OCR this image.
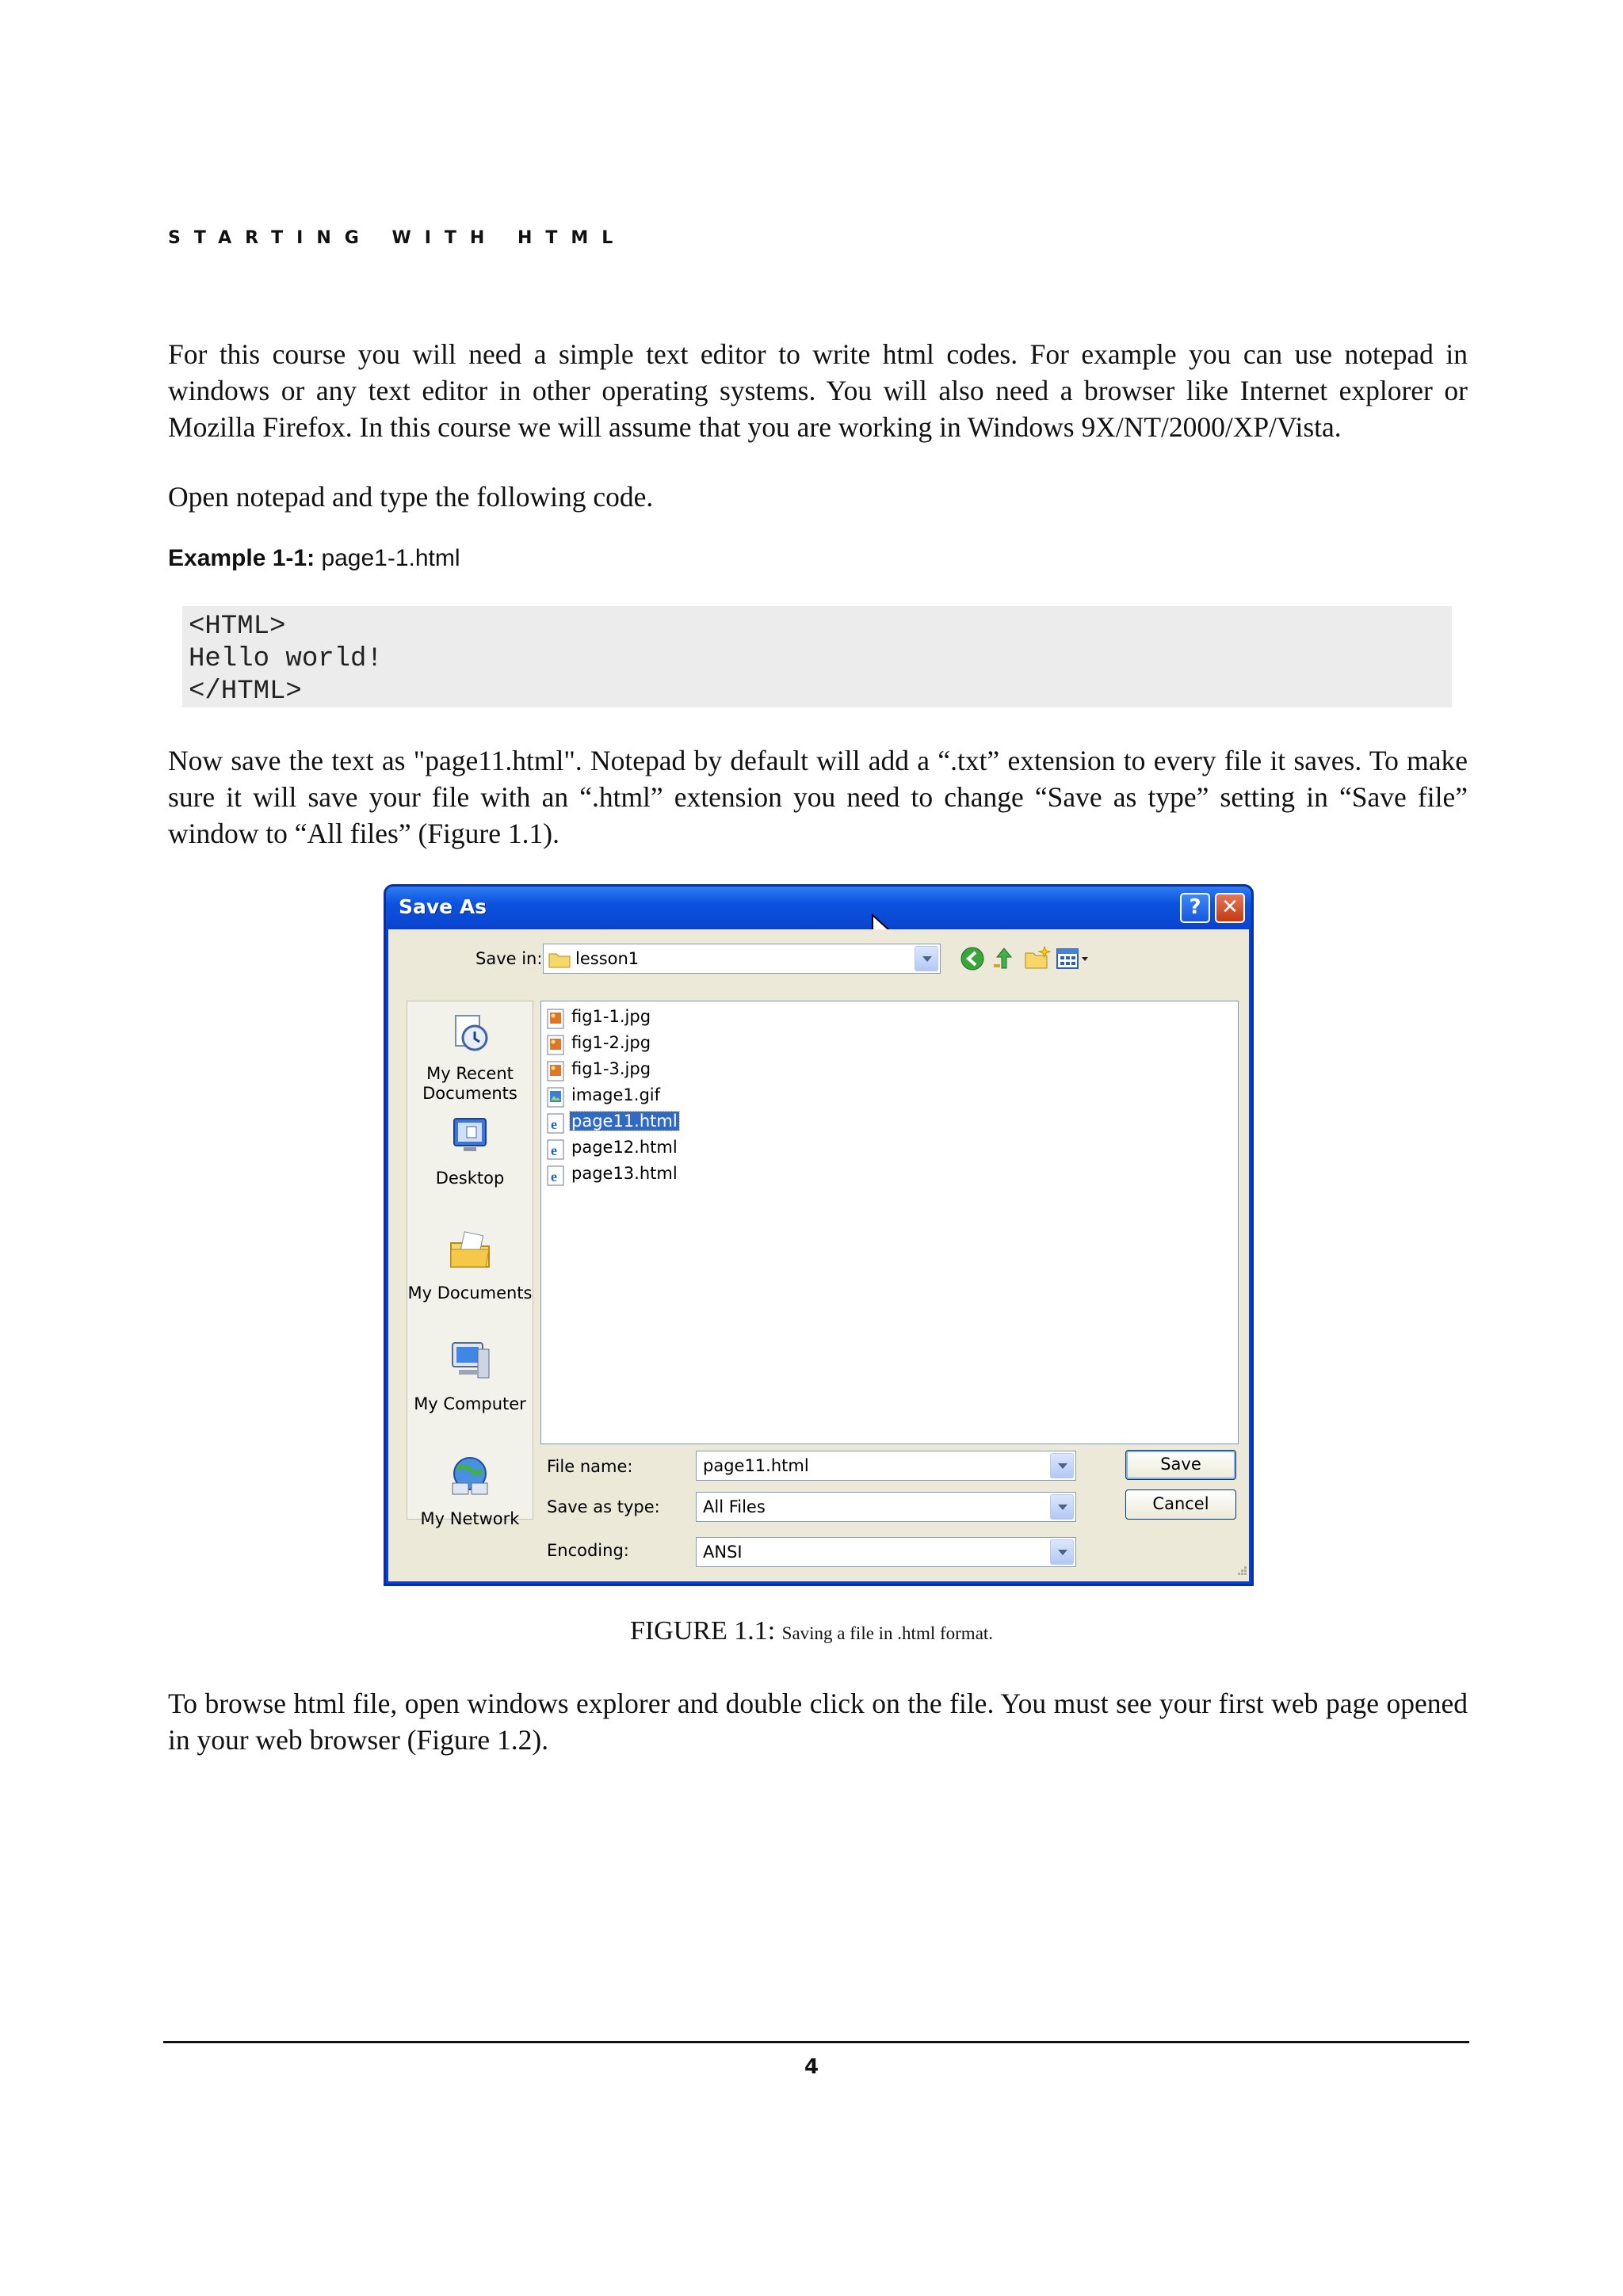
STARTING WITH HTML
For this course you will need a simple text editor to write html codes. For example you can use notepad in windows or any text editor in other operating systems. You will also need a browser like Internet explorer or Mozilla Firefox. In this course we will assume that you are working in Windows 9X/NT/2000/XP/Vista.
Open notepad and type the following code.
Example 1-1: page1-1.html
<HTML>
Hello world!
</HTML>
Now save the text as "page11.html". Notepad by default will add a “.txt” extension to every file it saves. To make sure it will save your file with an “.html” extension you need to change “Save as type” setting in “Save file” window to “All files” (Figure 1.1).
Save As	? ✕
Save in: lesson1
My Recent Documents
Desktop
My Documents
My Computer
My Network
fig1-1.jpg
fig1-2.jpg
fig1-3.jpg
image1.gif
e page11.html
e page12.html
e page13.html
File name:	page11.html
Save as type:	All Files
Encoding:	ANSI
Save
Cancel
FIGURE 1.1: Saving a file in .html format.
To browse html file, open windows explorer and double click on the file. You must see your first web page opened in your web browser (Figure 1.2).
4
